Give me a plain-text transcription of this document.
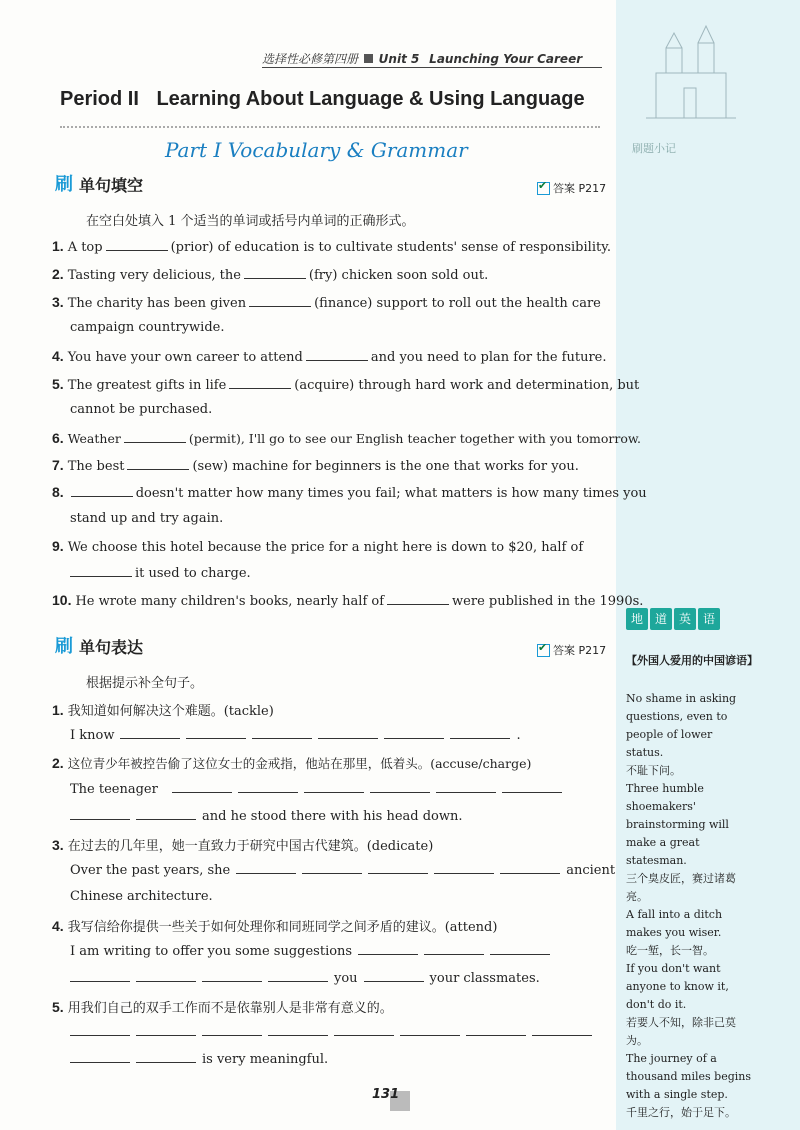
刷题小记
地 道 英 语
【外国人爱用的中国谚语】
No shame in asking questions, even to people of lower status.
不耻下问。
Three humble shoemakers' brainstorming will make a great statesman.
三个臭皮匠，赛过诸葛亮。
A fall into a ditch makes you wiser.
吃一堑，长一智。
If you don't want anyone to know it, don't do it.
若要人不知，除非己莫为。
The journey of a thousand miles begins with a single step.
千里之行，始于足下。
选择性必修第四册 Unit 5 Launching Your Career
Period II Learning About Language & Using Language
Part I Vocabulary & Grammar
刷 单句填空 ✔	答案 P217
在空白处填入 1 个适当的单词或括号内单词的正确形式。
1. A top	(prior) of education is to cultivate students' sense of responsibility.
2. Tasting very delicious, the	(fry) chicken soon sold out.
3. The charity has been given	(finance) support to roll out the health care
campaign countrywide.
4. You have your own career to attend	and you need to plan for the future.
5. The greatest gifts in life	(acquire) through hard work and determination, but
cannot be purchased.
6. Weather	(permit), I'll go to see our English teacher together with you tomorrow.
7. The best	(sew) machine for beginners is the one that works for you.
8.	doesn't matter how many times you fail; what matters is how many times you
stand up and try again.
9. We choose this hotel because the price for a night here is down to $20, half of
it used to charge.
10. He wrote many children's books, nearly half of	were published in the 1990s.
刷 单句表达 ✔	答案 P217
根据提示补全句子。
1. 我知道如何解决这个难题。(tackle)
I know	.
2. 这位青少年被控告偷了这位女士的金戒指，他站在那里，低着头。(accuse/charge)
The teenager
and he stood there with his head down.
3. 在过去的几年里，她一直致力于研究中国古代建筑。(dedicate)
Over the past years, she	ancient
Chinese architecture.
4. 我写信给你提供一些关于如何处理你和同班同学之间矛盾的建议。(attend)
I am writing to offer you some suggestions
you	your classmates.
5. 用我们自己的双手工作而不是依靠别人是非常有意义的。
is very meaningful.
131
